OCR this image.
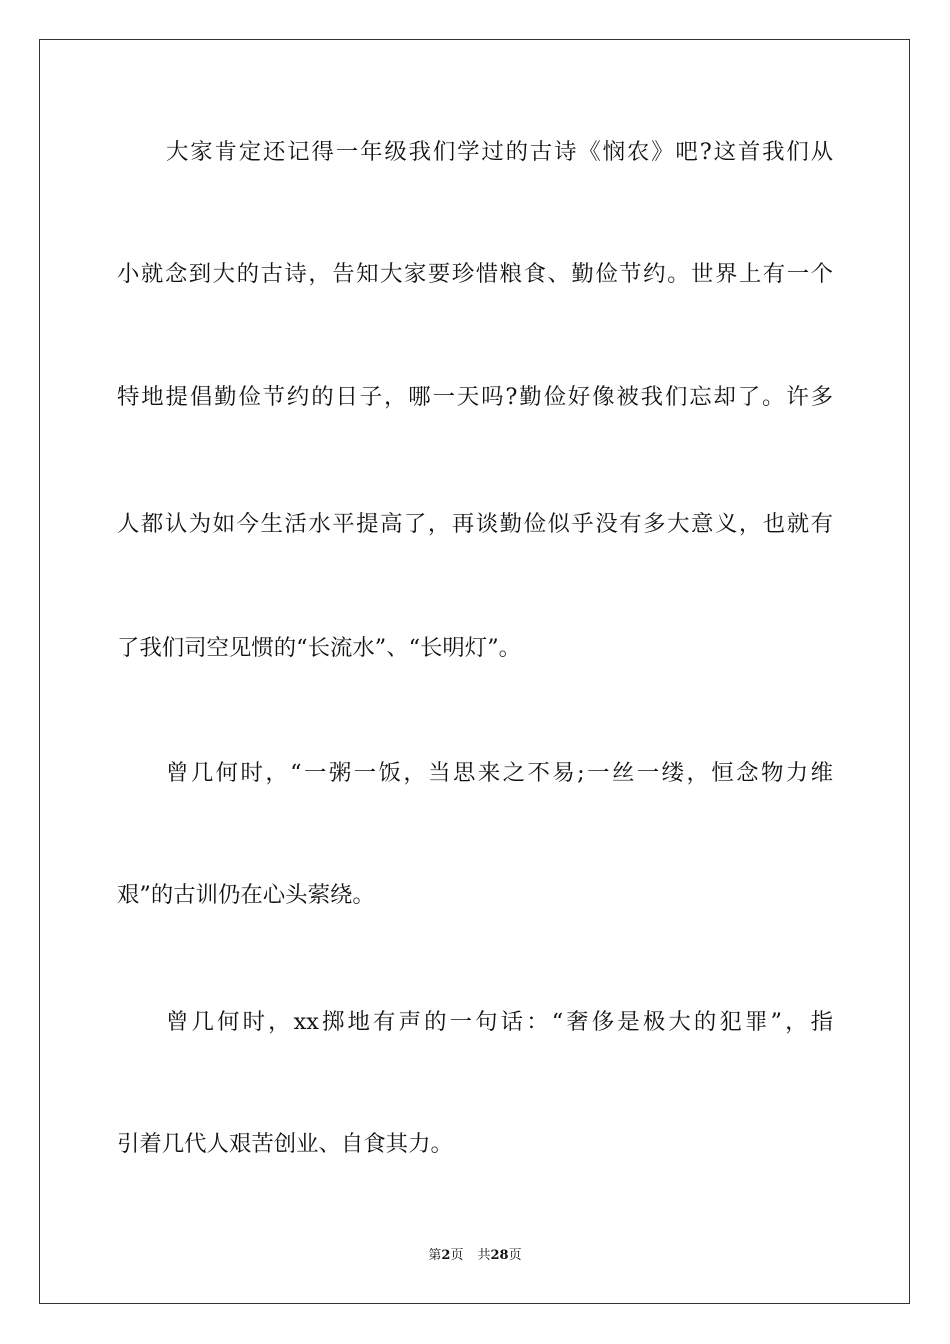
大家肯定还记得一年级我们学过的古诗《悯农》吧?这首我们从
小就念到大的古诗，告知大家要珍惜粮食、勤俭节约。世界上有一个
特地提倡勤俭节约的日子，哪一天吗?勤俭好像被我们忘却了。许多
人都认为如今生活水平提高了，再谈勤俭似乎没有多大意义，也就有
了我们司空见惯的“长流水”、“长明灯”。
曾几何时，“一粥一饭，当思来之不易;一丝一缕，恒念物力维
艰”的古训仍在心头萦绕。
曾几何时，xx掷地有声的一句话：“奢侈是极大的犯罪”，指
引着几代人艰苦创业、自食其力。
第2页 共28页
